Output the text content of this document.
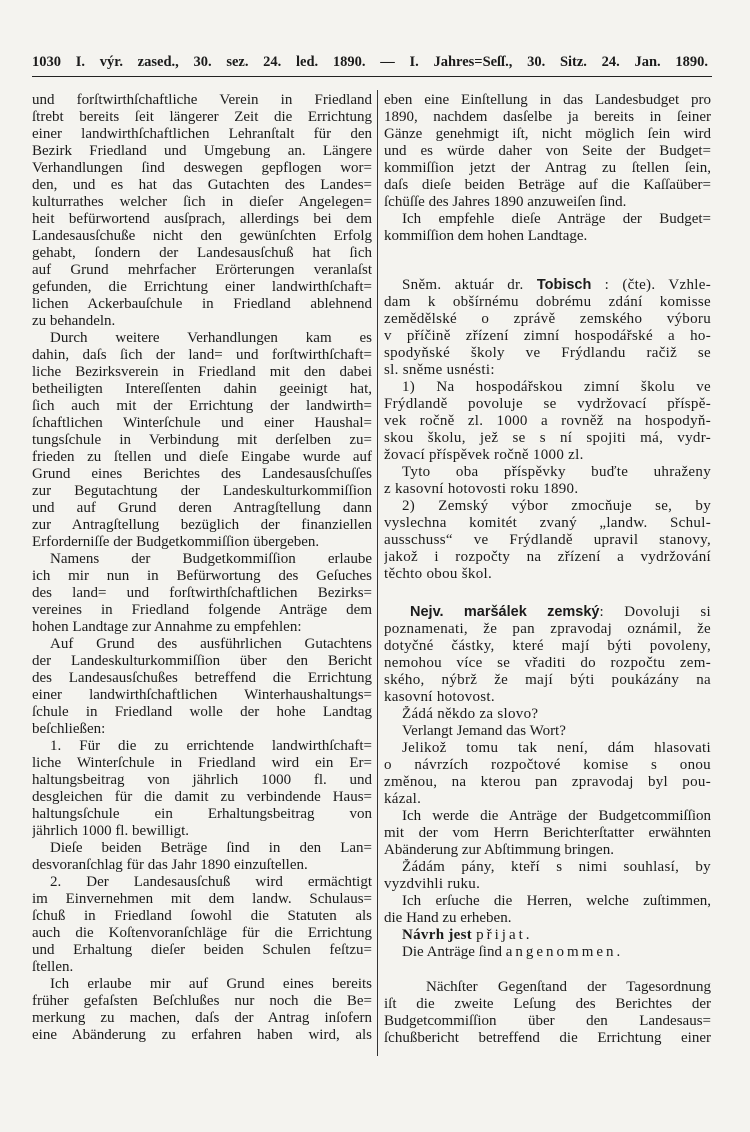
1030 I. výr. zased., 30. sez. 24. led. 1890. — I. Jahres=Seſſ., 30. Sitz. 24. Jan. 1890.
und forſtwirthſchaftliche Verein in Friedland
ſtrebt bereits ſeit längerer Zeit die Errichtung
einer landwirthſchaftlichen Lehranſtalt für den
Bezirk Friedland und Umgebung an. Längere
Verhandlungen ſind deswegen gepflogen wor=
den, und es hat das Gutachten des Landes=
kulturrathes welcher ſich in dieſer Angelegen=
heit befürwortend ausſprach, allerdings bei dem
Landesausſchuße nicht den gewünſchten Erfolg
gehabt, ſondern der Landesausſchuß hat ſich
auf Grund mehrfacher Erörterungen veranlaſst
gefunden, die Errichtung einer landwirthſchaft=
lichen Ackerbauſchule in Friedland ablehnend
zu behandeln.
Durch weitere Verhandlungen kam es
dahin, daſs ſich der land= und forſtwirthſchaft=
liche Bezirksverein in Friedland mit den dabei
betheiligten Intereſſenten dahin geeinigt hat,
ſich auch mit der Errichtung der landwirth=
ſchaftlichen Winterſchule und einer Haushal=
tungsſchule in Verbindung mit derſelben zu=
frieden zu ſtellen und dieſe Eingabe wurde auf
Grund eines Berichtes des Landesausſchuſſes
zur Begutachtung der Landeskulturkommiſſion
und auf Grund deren Antragſtellung dann
zur Antragſtellung bezüglich der finanziellen
Erforderniſſe der Budgetkommiſſion übergeben.
Namens der Budgetkommiſſion erlaube
ich mir nun in Befürwortung des Geſuches
des land= und forſtwirthſchaftlichen Bezirks=
vereines in Friedland folgende Anträge dem
hohen Landtage zur Annahme zu empfehlen:
Auf Grund des ausführlichen Gutachtens
der Landeskulturkommiſſion über den Bericht
des Landesausſchußes betreffend die Errichtung
einer landwirthſchaftlichen Winterhaushaltungs=
ſchule in Friedland wolle der hohe Landtag
beſchließen:
1. Für die zu errichtende landwirthſchaft=
liche Winterſchule in Friedland wird ein Er=
haltungsbeitrag von jährlich 1000 fl. und
desgleichen für die damit zu verbindende Haus=
haltungsſchule ein Erhaltungsbeitrag von
jährlich 1000 fl. bewilligt.
Dieſe beiden Beträge ſind in den Lan=
desvoranſchlag für das Jahr 1890 einzuſtellen.
2. Der Landesausſchuß wird ermächtigt
im Einvernehmen mit dem landw. Schulaus=
ſchuß in Friedland ſowohl die Statuten als
auch die Koſtenvoranſchläge für die Errichtung
und Erhaltung dieſer beiden Schulen feſtzu=
ſtellen.
Ich erlaube mir auf Grund eines bereits
früher gefaſsten Beſchlußes nur noch die Be=
merkung zu machen, daſs der Antrag inſofern
eine Abänderung zu erfahren haben wird, als
eben eine Einſtellung in das Landesbudget pro
1890, nachdem dasſelbe ja bereits in ſeiner
Gänze genehmigt iſt, nicht möglich ſein wird
und es würde daher von Seite der Budget=
kommiſſion jetzt der Antrag zu ſtellen ſein,
daſs dieſe beiden Beträge auf die Kaſſaüber=
ſchüſſe des Jahres 1890 anzuweiſen ſind.
Ich empfehle dieſe Anträge der Budget=
kommiſſion dem hohen Landtage.
Sněm. aktuár dr. Tobisch : (čte). Vzhle-
dam k obšírnému dobrému zdání komisse
zemědělské o zprávě zemského výboru
v příčině zřízení zimní hospodářské a ho-
spodyňské školy ve Frýdlandu račiž se
sl. sněme usnésti:
1) Na hospodářskou zimní školu ve
Frýdlandě povoluje se vydržovací příspě-
vek ročně zl. 1000 a rovněž na hospodyň-
skou školu, jež se s ní spojiti má, vydr-
žovací příspěvek ročně 1000 zl.
Tyto oba příspěvky buďte uhraženy
z kasovní hotovosti roku 1890.
2) Zemský výbor zmocňuje se, by
vyslechna komitét zvaný „landw. Schul-
ausschuss“ ve Frýdlandě upravil stanovy,
jakož i rozpočty na zřízení a vydržování
těchto obou škol.
Nejv. maršálek zemský: Dovoluji si
poznamenati, že pan zpravodaj oznámil, že
dotyčné částky, které mají býti povoleny,
nemohou více se vřaditi do rozpočtu zem-
ského, nýbrž že mají býti poukázány na
kasovní hotovost.
Žádá někdo za slovo?
Verlangt Jemand das Wort?
Jelikož tomu tak není, dám hlasovati
o návrzích rozpočtové komise s onou
změnou, na kterou pan zpravodaj byl pou-
kázal.
Ich werde die Anträge der Budgetcommiſſion
mit der vom Herrn Berichterſtatter erwähnten
Abänderung zur Abſtimmung bringen.
Žádám pány, kteří s nimi souhlasí, by
vyzdvihli ruku.
Ich erſuche die Herren, welche zuſtimmen,
die Hand zu erheben.
Návrh jest přijat.
Die Anträge ſind angenommen.
Nächſter Gegenſtand der Tagesordnung
iſt die zweite Leſung des Berichtes der
Budgetcommiſſion über den Landesaus=
ſchußbericht betreffend die Errichtung einer
